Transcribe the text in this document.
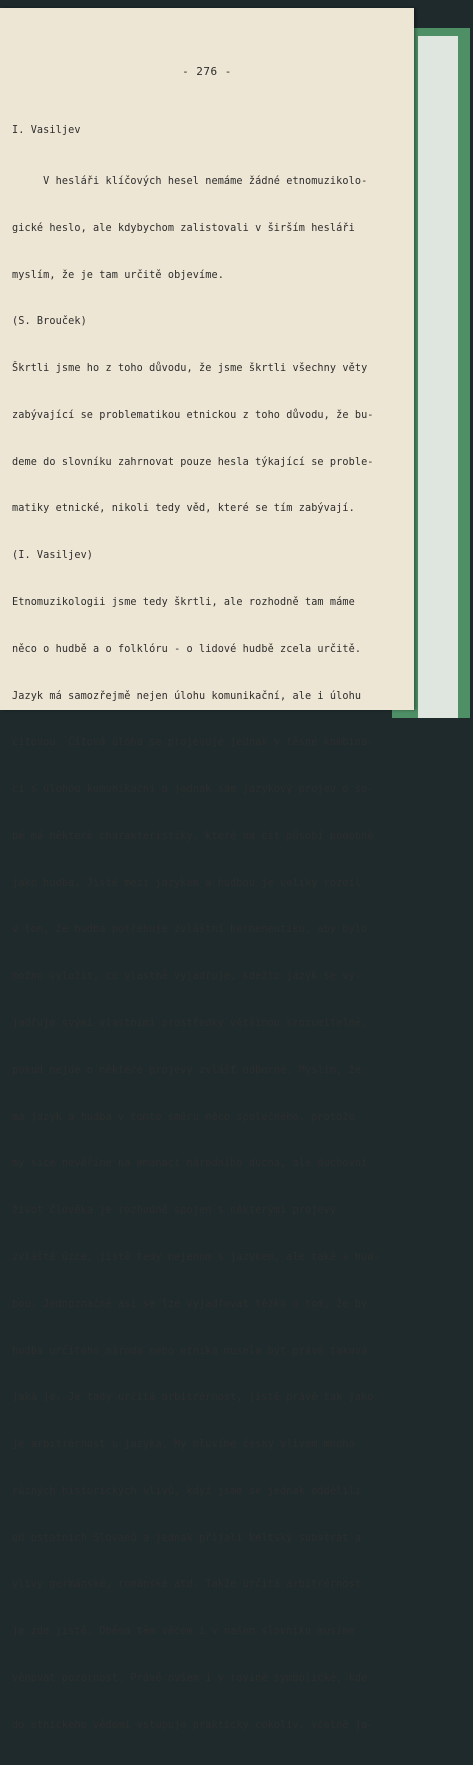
- 276 -

I. Vasiljev

V hesláři klíčových hesel nemáme žádné etnomuzikolo-

gické heslo, ale kdybychom zalistovali v širším hesláři

myslím, že je tam určitě objevíme.

(S. Brouček)

Škrtli jsme ho z toho důvodu, že jsme škrtli všechny věty

zabývající se problematikou etnickou z toho důvodu, že bu-

deme do slovníku zahrnovat pouze hesla týkající se proble-

matiky etnické, nikoli tedy věd, které se tím zabývají.

(I. Vasiljev)

Etnomuzikologii jsme tedy škrtli, ale rozhodně tam máme

něco o hudbě a o folklóru - o lidové hudbě zcela určitě.

Jazyk má samozřejmě nejen úlohu komunikační, ale i úlohu

citovou. Citová úloha se projevuje jednak v těsné kombina-

ci s úlohou komunikační a jednak sám jazykový projev o so-

bě má některé charakteristiky, které na cit působí podobně

jako hudba. Jistě mezi jazykem a hudbou je veliký rozdíl

v tom, že hudba potřebuje zvláštní hermeneutiku, aby bylo

možno vyložit, co vlastně vyjadřuje, kdežto jazyk se vy-

jadřuje svými vlastními prostředky většinou srozumitelně,

pokud nejde o některé projevy zvlášť odborné. Myslím, že

má jazyk a hudba v tomto směru něco společného, protože

my sice nevěříme na emanaci národního ducha, ale duchovní

život člověka je rozhodně spojen s některými projevy

zvláště úzce, jistě tedy nejenom s jazykem, ale také s hud-

bou. Jednoznačně asi se lze vyjadřovat těžko o tom, že by

hudba určitého národa nebo etnika musela být právě taková

jaká je. Je tady určitá arbitrérnost, jistě právě tak jako

je arbitrérnost u jazyka. My mluvíme česky vlivem mnoha

různých historických vlivů, když jsme se jednak oddělili

od ostatních Slovanů a jednak přijali keltský substrát a

vlivy germánské, románské atd. Takže určitá arbitrérnost

je zde jistě. Oběma těm věcem i v našem slovníku musíme

věnovat pozornost. Právě ovšem i v rovině symbolické, kde

do etnického vědomí vstupuje prakticky cokoliv, včetně ja-
